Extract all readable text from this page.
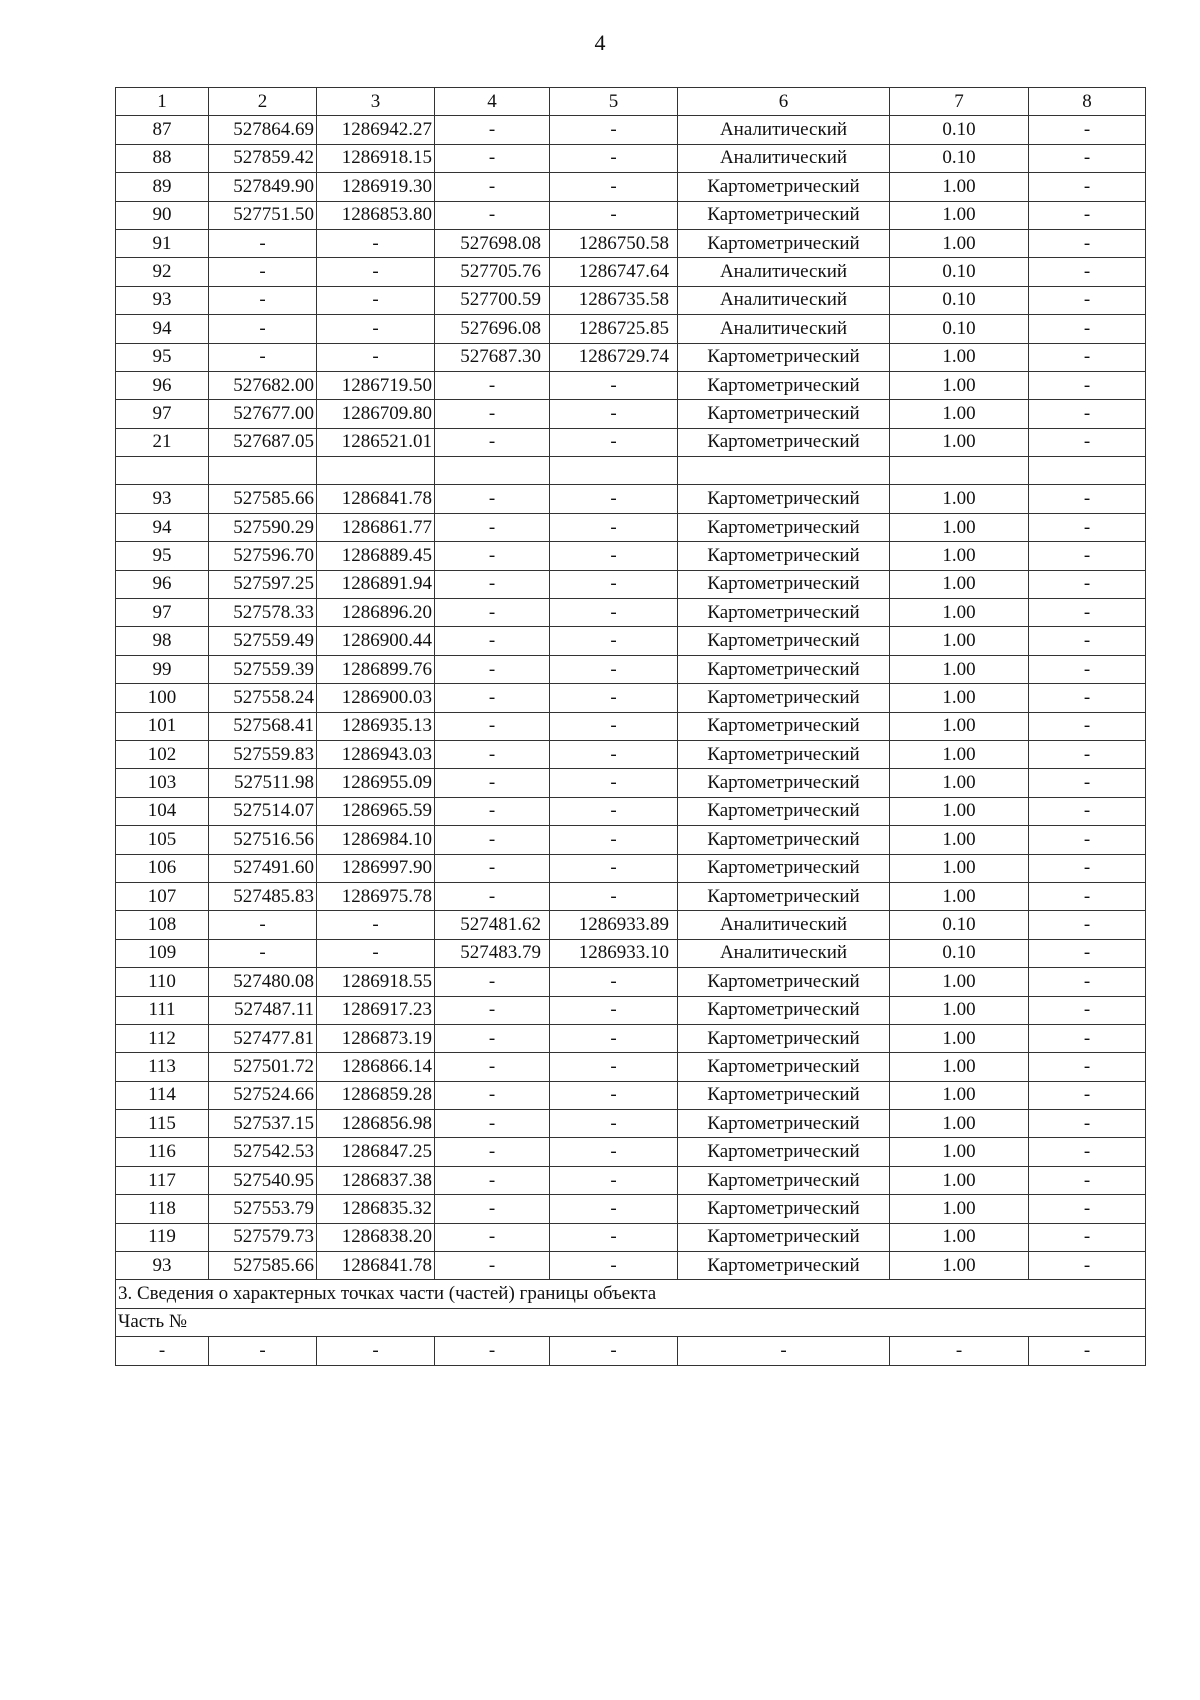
4
1	2	3	4	5	6	7	8
87	527864.69	1286942.27	-	-	Аналитический	0.10	-
88	527859.42	1286918.15	-	-	Аналитический	0.10	-
89	527849.90	1286919.30	-	-	Картометрический	1.00	-
90	527751.50	1286853.80	-	-	Картометрический	1.00	-
91	-	-	527698.08	1286750.58	Картометрический	1.00	-
92	-	-	527705.76	1286747.64	Аналитический	0.10	-
93	-	-	527700.59	1286735.58	Аналитический	0.10	-
94	-	-	527696.08	1286725.85	Аналитический	0.10	-
95	-	-	527687.30	1286729.74	Картометрический	1.00	-
96	527682.00	1286719.50	-	-	Картометрический	1.00	-
97	527677.00	1286709.80	-	-	Картометрический	1.00	-
21	527687.05	1286521.01	-	-	Картометрический	1.00	-

93	527585.66	1286841.78	-	-	Картометрический	1.00	-
94	527590.29	1286861.77	-	-	Картометрический	1.00	-
95	527596.70	1286889.45	-	-	Картометрический	1.00	-
96	527597.25	1286891.94	-	-	Картометрический	1.00	-
97	527578.33	1286896.20	-	-	Картометрический	1.00	-
98	527559.49	1286900.44	-	-	Картометрический	1.00	-
99	527559.39	1286899.76	-	-	Картометрический	1.00	-
100	527558.24	1286900.03	-	-	Картометрический	1.00	-
101	527568.41	1286935.13	-	-	Картометрический	1.00	-
102	527559.83	1286943.03	-	-	Картометрический	1.00	-
103	527511.98	1286955.09	-	-	Картометрический	1.00	-
104	527514.07	1286965.59	-	-	Картометрический	1.00	-
105	527516.56	1286984.10	-	-	Картометрический	1.00	-
106	527491.60	1286997.90	-	-	Картометрический	1.00	-
107	527485.83	1286975.78	-	-	Картометрический	1.00	-
108	-	-	527481.62	1286933.89	Аналитический	0.10	-
109	-	-	527483.79	1286933.10	Аналитический	0.10	-
110	527480.08	1286918.55	-	-	Картометрический	1.00	-
111	527487.11	1286917.23	-	-	Картометрический	1.00	-
112	527477.81	1286873.19	-	-	Картометрический	1.00	-
113	527501.72	1286866.14	-	-	Картометрический	1.00	-
114	527524.66	1286859.28	-	-	Картометрический	1.00	-
115	527537.15	1286856.98	-	-	Картометрический	1.00	-
116	527542.53	1286847.25	-	-	Картометрический	1.00	-
117	527540.95	1286837.38	-	-	Картометрический	1.00	-
118	527553.79	1286835.32	-	-	Картометрический	1.00	-
119	527579.73	1286838.20	-	-	Картометрический	1.00	-
93	527585.66	1286841.78	-	-	Картометрический	1.00	-
3. Сведения о характерных точках части (частей) границы объекта							
Часть №							
-	-	-	-	-	-	-	-
